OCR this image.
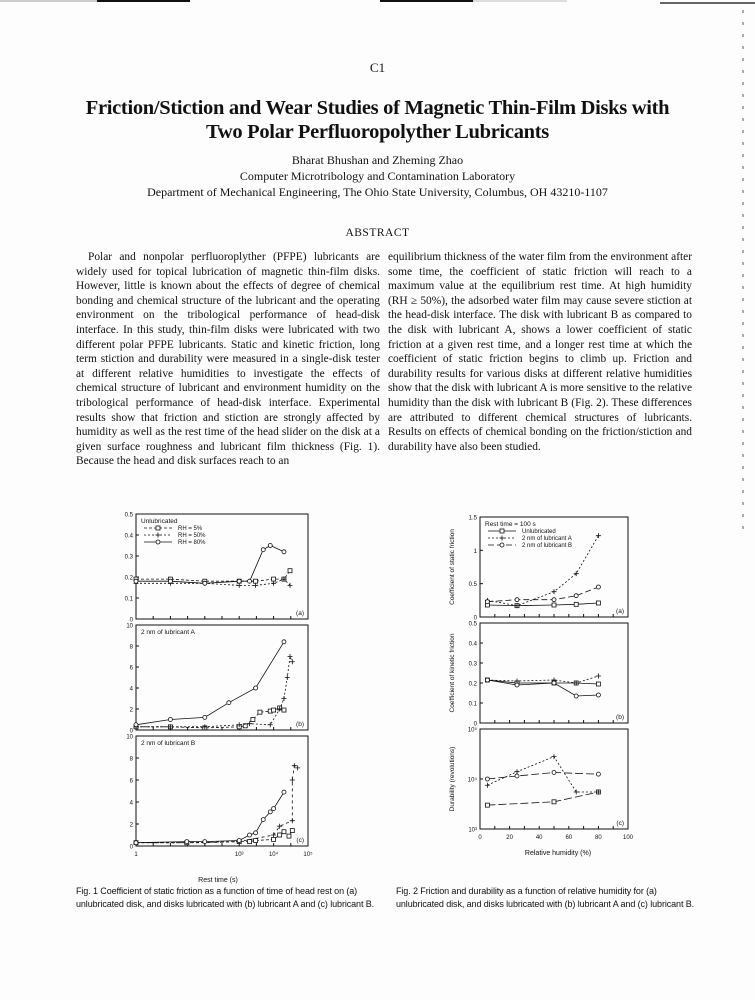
C1
Friction/Stiction and Wear Studies of Magnetic Thin-Film Disks with
Two Polar Perfluoropolyther Lubricants
Bharat Bhushan and Zheming Zhao
Computer Microtribology and Contamination Laboratory
Department of Mechanical Engineering, The Ohio State University, Columbus, OH 43210-1107
ABSTRACT

Polar and nonpolar perfluoroplyther (PFPE) lubricants are widely used for topical lubrication of magnetic thin-film disks. However, little is known about the effects of degree of chemical bonding and chemical structure of the lubricant and the operating environment on the tribological performance of head-disk interface. In this study, thin-film disks were lubricated with two different polar PFPE lubricants. Static and kinetic friction, long term stiction and durability were measured in a single-disk tester at different relative humidities to investigate the effects of chemical structure of lubricant and environment humidity on the tribological performance of head-disk interface. Experimental results show that friction and stiction are strongly affected by humidity as well as the rest time of the head slider on the disk at a given surface roughness and lubricant film thickness (Fig. 1). Because the head and disk surfaces reach to an

equilibrium thickness of the water film from the environment after some time, the coefficient of static friction will reach to a maximum value at the equilibrium rest time. At high humidity (RH ≥ 50%), the adsorbed water film may cause severe stiction at the head-disk interface. The disk with lubricant B as compared to the disk with lubricant A, shows a lower coefficient of static friction at a given rest time, and a longer rest time at which the coefficient of static friction begins to climb up. Friction and durability results for various disks at different relative humidities show that the disk with lubricant A is more sensitive to the relative humidity than the disk with lubricant B (Fig. 2). These differences are attributed to different chemical structures of lubricants. Results on effects of chemical bonding on the friction/stiction and durability have also been studied.

0
0.1
0.2
0.3
0.4
0.5
Unlubricated
(a)
RH = 5%
RH = 50%
RH = 80%
0
2
4
6
8
10
2 nm of lubricant A
(b)
0
2
4
6
8
10
1	10³	10⁴	10⁵
2 nm of lubricant B
(c)
Rest time (s)
0
0.5
1
1.5
Rest time = 100 s
(a)
Coefficient of static friction	Unlubricated
2 nm of lubricant A
2 nm of lubricant B
0
0.1
0.2
0.3
0.4
0.5
(b)
Coefficient of kinetic friction
10³
10⁴
10⁵
0	20	40	60	80	100
(c)
Durability (revolutions)
Relative humidity (%)
Fig. 1 Coefficient of static friction as a function of time of head rest on (a) unlubricated disk, and disks lubricated with (b) lubricant A and (c) lubricant B.
Fig. 2 Friction and durability as a function of relative humidity for (a) unlubricated disk, and disks lubricated with (b) lubricant A and (c) lubricant B.
